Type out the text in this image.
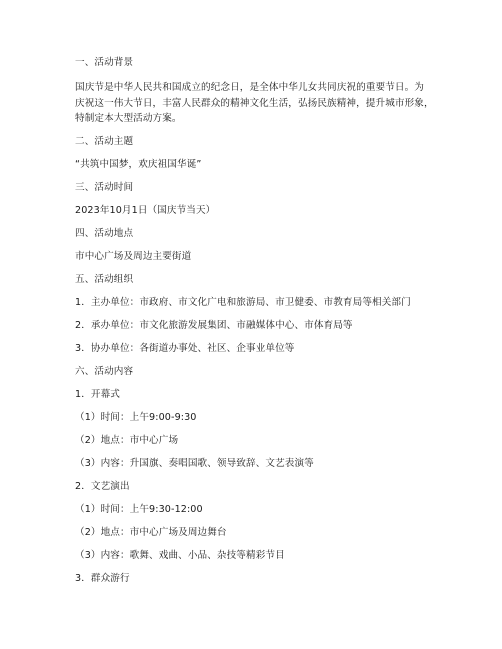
一、活动背景
国庆节是中华人民共和国成立的纪念日，是全体中华儿女共同庆祝的重要节日。为
庆祝这一伟大节日，丰富人民群众的精神文化生活，弘扬民族精神，提升城市形象，
特制定本大型活动方案。
二、活动主题
“共筑中国梦，欢庆祖国华诞”
三、活动时间
2023年10月1日（国庆节当天）
四、活动地点
市中心广场及周边主要街道
五、活动组织
1．主办单位：市政府、市文化广电和旅游局、市卫健委、市教育局等相关部门
2．承办单位：市文化旅游发展集团、市融媒体中心、市体育局等
3．协办单位：各街道办事处、社区、企事业单位等
六、活动内容
1．开幕式
（1）时间：上午9:00-9:30
（2）地点：市中心广场
（3）内容：升国旗、奏唱国歌、领导致辞、文艺表演等
2．文艺演出
（1）时间：上午9:30-12:00
（2）地点：市中心广场及周边舞台
（3）内容：歌舞、戏曲、小品、杂技等精彩节目
3．群众游行
